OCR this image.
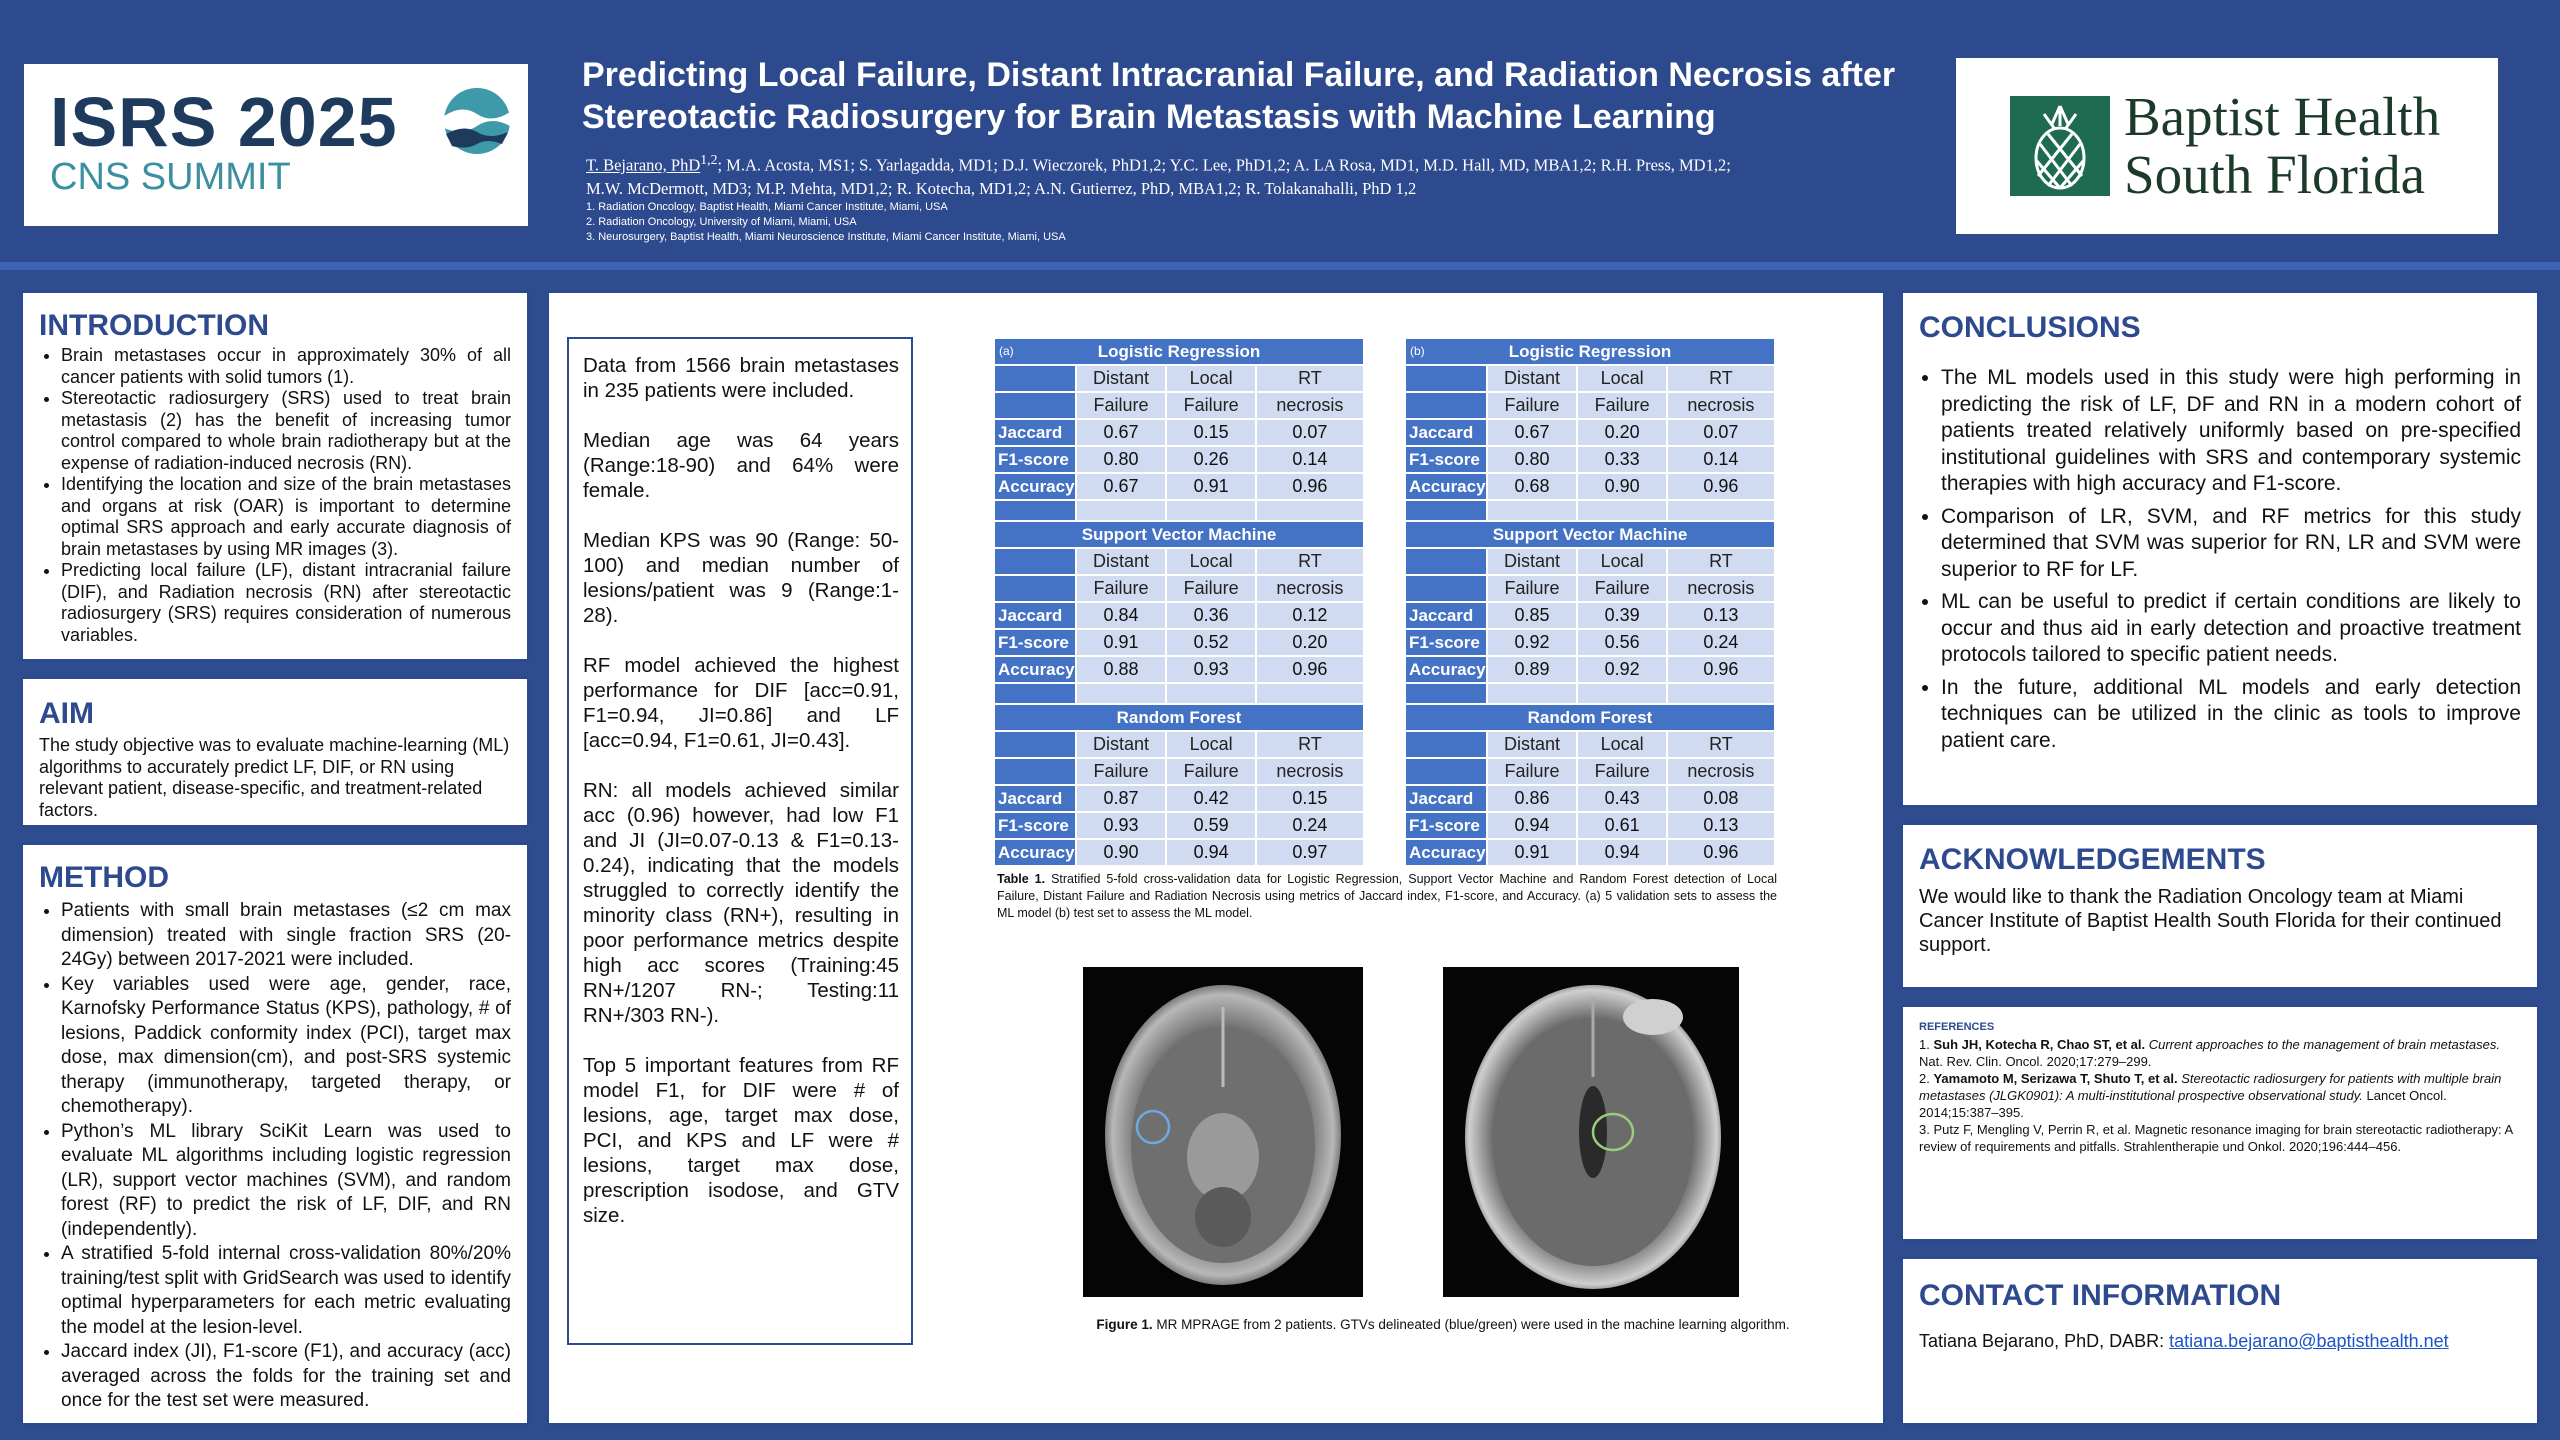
ISRS 2025
CNS SUMMIT
Predicting Local Failure, Distant Intracranial Failure, and Radiation Necrosis after Stereotactic Radiosurgery for Brain Metastasis with Machine Learning
T. Bejarano, PhD$^{1,2}$; M.A. Acosta, MS1; S. Yarlagadda, MD1; D.J. Wieczorek, PhD1,2; Y.C. Lee, PhD1,2; A. LA Rosa, MD1, M.D. Hall, MD, MBA1,2; R.H. Press, MD1,2; M.W. McDermott, MD3; M.P. Mehta, MD1,2; R. Kotecha, MD1,2; A.N. Gutierrez, PhD, MBA1,2; R. Tolakanahalli, PhD 1,2
1. Radiation Oncology, Baptist Health, Miami Cancer Institute, Miami, USA
2. Radiation Oncology, University of Miami, Miami, USA
3. Neurosurgery, Baptist Health, Miami Neuroscience Institute, Miami Cancer Institute, Miami, USA
Baptist Health
South Florida
INTRODUCTION
• Brain metastases occur in approximately 30% of all cancer patients with solid tumors (1).
• Stereotactic radiosurgery (SRS) used to treat brain metastasis (2) has the benefit of increasing tumor control compared to whole brain radiotherapy but at the expense of radiation-induced necrosis (RN).
• Identifying the location and size of the brain metastases and organs at risk (OAR) is important to determine optimal SRS approach and early accurate diagnosis of brain metastases by using MR images (3).
• Predicting local failure (LF), distant intracranial failure (DIF), and Radiation necrosis (RN) after stereotactic radiosurgery (SRS) requires consideration of numerous variables.
AIM
The study objective was to evaluate machine-learning (ML) algorithms to accurately predict LF, DIF, or RN using relevant patient, disease-specific, and treatment-related factors.
METHOD
• Patients with small brain metastases (≤2 cm max dimension) treated with single fraction SRS (20-24Gy) between 2017-2021 were included.
• Key variables used were age, gender, race, Karnofsky Performance Status (KPS), pathology, # of lesions, Paddick conformity index (PCI), target max dose, max dimension(cm), and post-SRS systemic therapy (immunotherapy, targeted therapy, or chemotherapy).
• Python’s ML library SciKit Learn was used to evaluate ML algorithms including logistic regression (LR), support vector machines (SVM), and random forest (RF) to predict the risk of LF, DIF, and RN (independently).
• A stratified 5-fold internal cross-validation 80%/20% training/test split with GridSearch was used to identify optimal hyperparameters for each metric evaluating the model at the lesion-level.
• Jaccard index (JI), F1-score (F1), and accuracy (acc) averaged across the folds for the training set and once for the test set were measured.

Data from 1566 brain metastases in 235 patients were included.

Median age was 64 years (Range:18-90) and 64% were female.

Median KPS was 90 (Range: 50-100) and median number of lesions/patient was 9 (Range:1-28).

RF model achieved the highest performance for DIF [acc=0.91, F1=0.94, JI=0.86] and LF [acc=0.94, F1=0.61, JI=0.43].

RN: all models achieved similar acc (0.96) however, had low F1 and JI (JI=0.07-0.13 & F1=0.13-0.24), indicating that the models struggled to correctly identify the minority class (RN+), resulting in poor performance metrics despite high acc scores (Training:45 RN+/1207 RN-; Testing:11 RN+/303 RN-).

Top 5 important features from RF model F1, for DIF were # of lesions, age, target max dose, PCI, and KPS and LF were # lesions, target max dose, prescription isodose, and GTV size.

(a) Logistic Regression			
	Distant	Local	RT
	Failure	Failure	necrosis
Jaccard	0.67	0.15	0.07
F1-score	0.80	0.26	0.14
Accuracy	0.67	0.91	0.96

Support Vector Machine			
	Distant	Local	RT
	Failure	Failure	necrosis
Jaccard	0.84	0.36	0.12
F1-score	0.91	0.52	0.20
Accuracy	0.88	0.93	0.96

Random Forest			
	Distant	Local	RT
	Failure	Failure	necrosis
Jaccard	0.87	0.42	0.15
F1-score	0.93	0.59	0.24
Accuracy	0.90	0.94	0.97
(b) Logistic Regression			
	Distant	Local	RT
	Failure	Failure	necrosis
Jaccard	0.67	0.20	0.07
F1-score	0.80	0.33	0.14
Accuracy	0.68	0.90	0.96

Support Vector Machine			
	Distant	Local	RT
	Failure	Failure	necrosis
Jaccard	0.85	0.39	0.13
F1-score	0.92	0.56	0.24
Accuracy	0.89	0.92	0.96

Random Forest			
	Distant	Local	RT
	Failure	Failure	necrosis
Jaccard	0.86	0.43	0.08
F1-score	0.94	0.61	0.13
Accuracy	0.91	0.94	0.96
Table 1. Stratified 5-fold cross-validation data for Logistic Regression, Support Vector Machine and Random Forest detection of Local Failure, Distant Failure and Radiation Necrosis using metrics of Jaccard index, F1-score, and Accuracy. (a) 5 validation sets to assess the ML model (b) test set to assess the ML model.
Figure 1. MR MPRAGE from 2 patients. GTVs delineated (blue/green) were used in the machine learning algorithm.
CONCLUSIONS
• The ML models used in this study were high performing in predicting the risk of LF, DF and RN in a modern cohort of patients treated relatively uniformly based on pre-specified institutional guidelines with SRS and contemporary systemic therapies with high accuracy and F1-score.
• Comparison of LR, SVM, and RF metrics for this study determined that SVM was superior for RN, LR and SVM were superior to RF for LF.
• ML can be useful to predict if certain conditions are likely to occur and thus aid in early detection and proactive treatment protocols tailored to specific patient needs.
• In the future, additional ML models and early detection techniques can be utilized in the clinic as tools to improve patient care.
ACKNOWLEDGEMENTS
We would like to thank the Radiation Oncology team at Miami Cancer Institute of Baptist Health South Florida for their continued support.

REFERENCES

1. Suh JH, Kotecha R, Chao ST, et al. Current approaches to the management of brain metastases. Nat. Rev. Clin. Oncol. 2020;17:279–299.

2. Yamamoto M, Serizawa T, Shuto T, et al. Stereotactic radiosurgery for patients with multiple brain metastases (JLGK0901): A multi-institutional prospective observational study. Lancet Oncol. 2014;15:387–395.

3. Putz F, Mengling V, Perrin R, et al. Magnetic resonance imaging for brain stereotactic radiotherapy: A review of requirements and pitfalls. Strahlentherapie und Onkol. 2020;196:444–456.

CONTACT INFORMATION
Tatiana Bejarano, PhD, DABR: tatiana.bejarano@baptisthealth.net
